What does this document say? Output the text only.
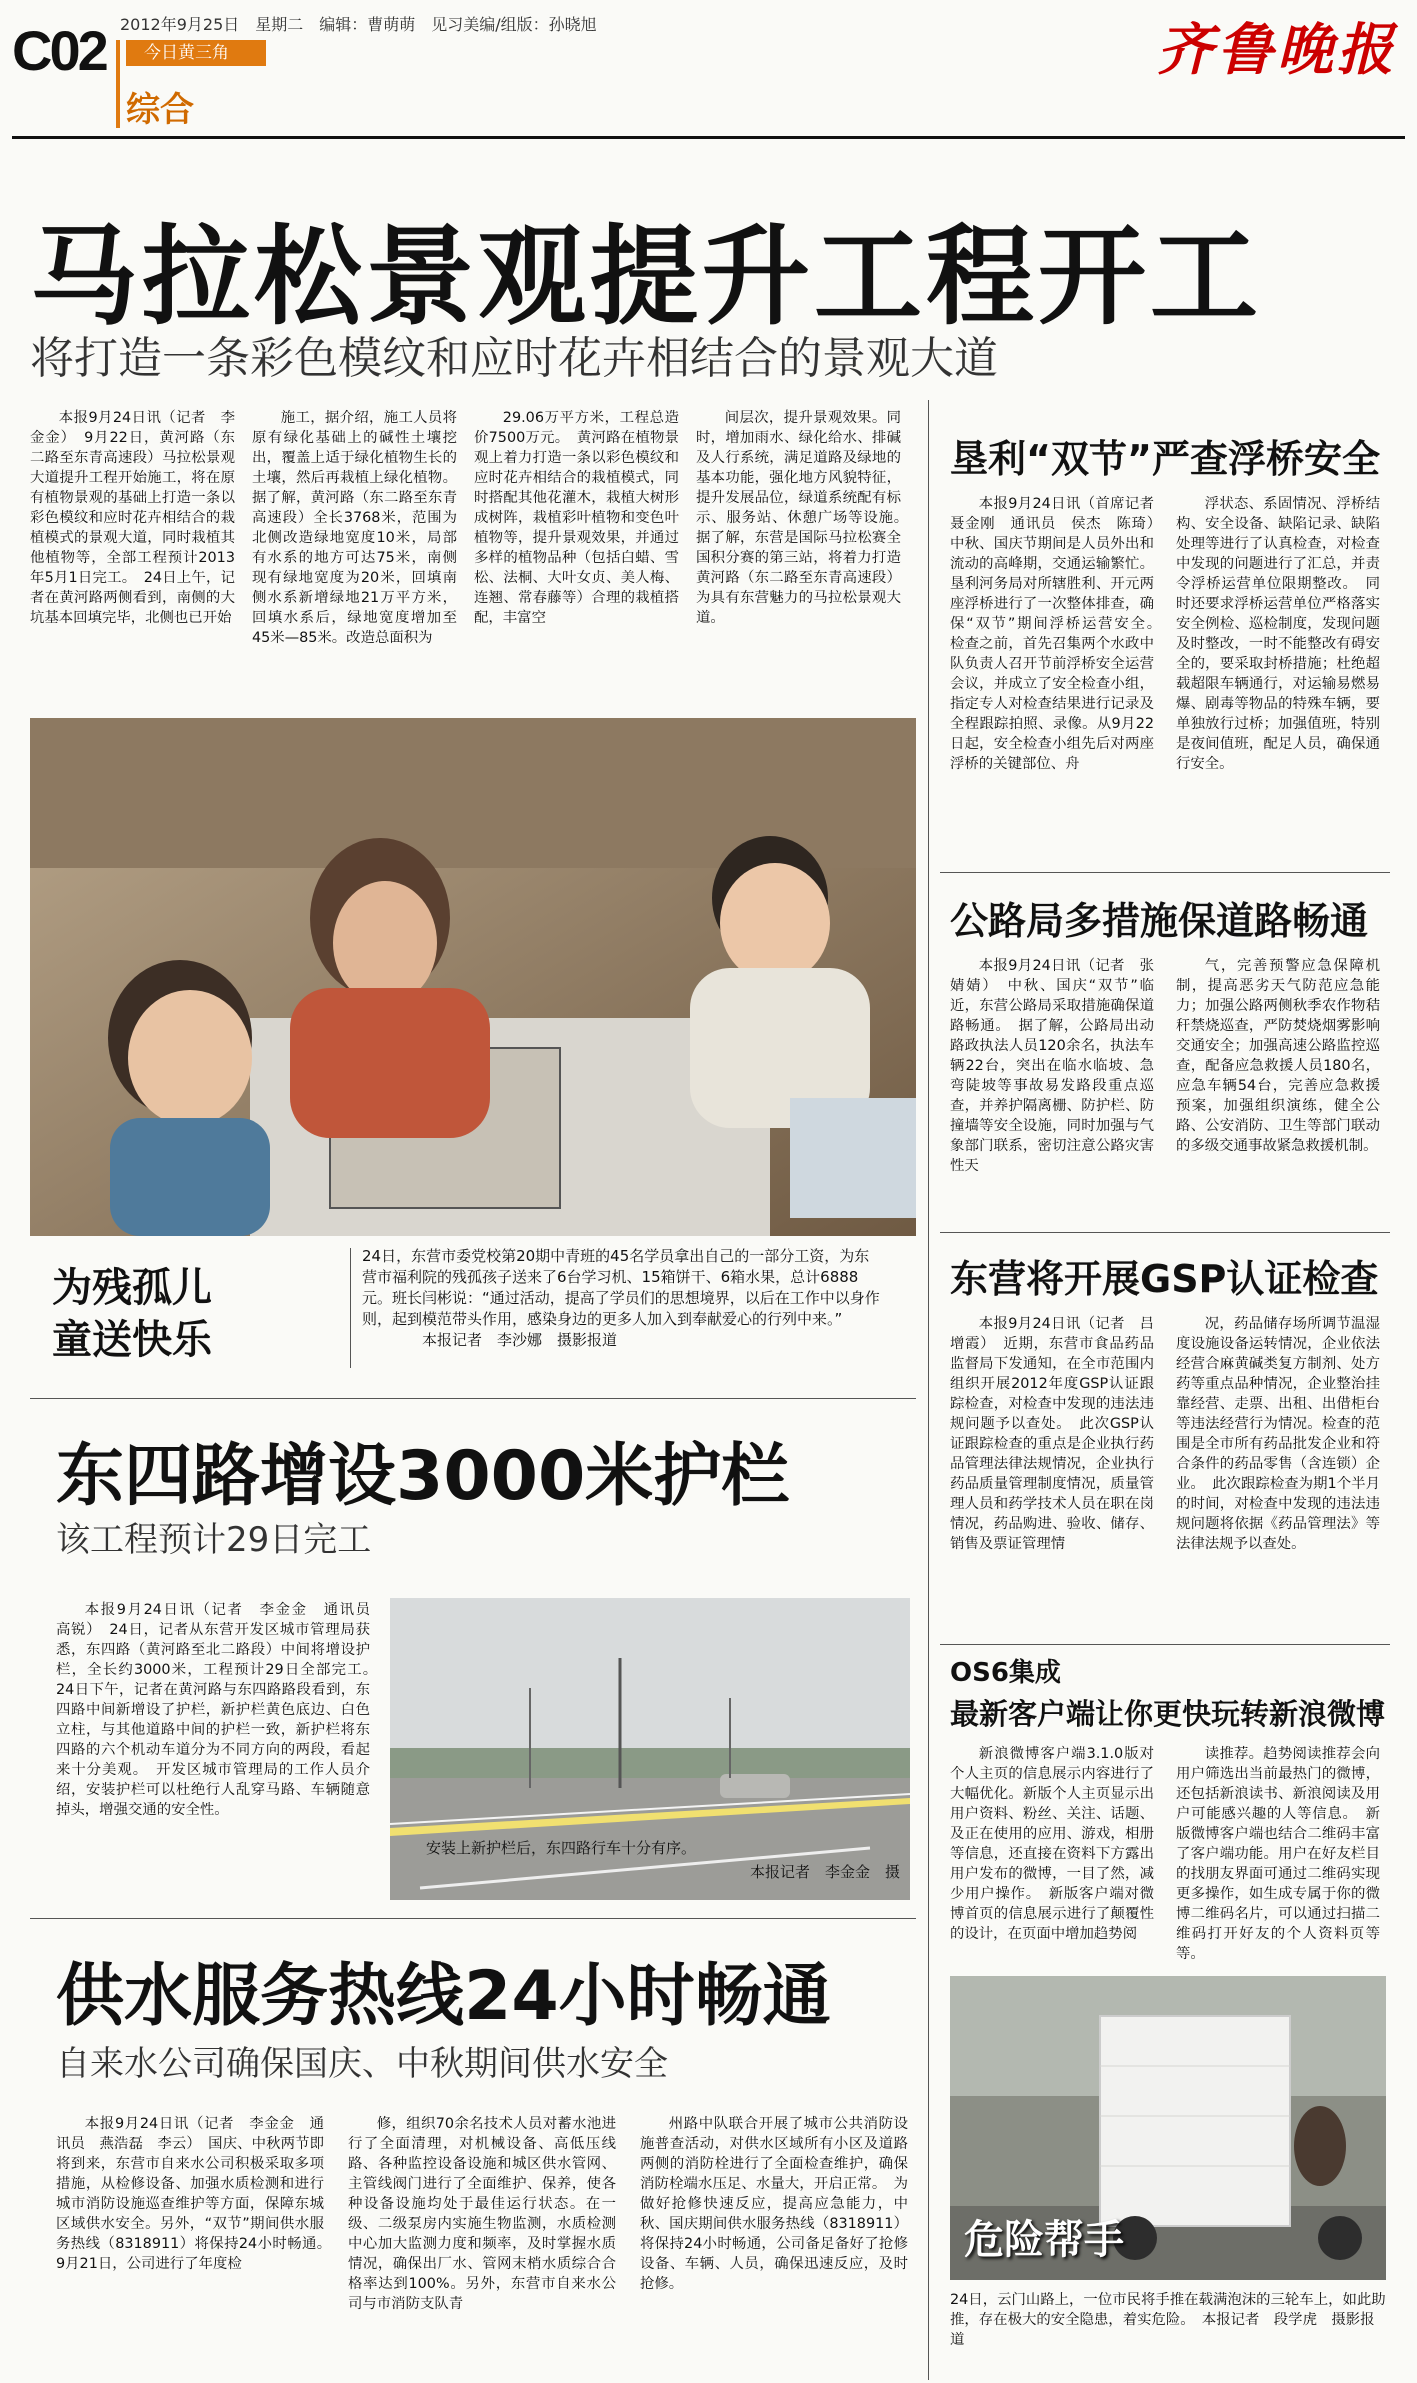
C02 2012年9月25日　星期二　编辑：曹萌萌　见习美编/组版：孙晓旭
今日黄三角
综合
齐鲁晚报
马拉松景观提升工程开工
将打造一条彩色模纹和应时花卉相结合的景观大道

本报9月24日讯（记者　李金金）　9月22日，黄河路（东二路至东青高速段）马拉松景观大道提升工程开始施工，将在原有植物景观的基础上打造一条以彩色模纹和应时花卉相结合的栽植模式的景观大道，同时栽植其他植物等，全部工程预计2013年5月1日完工。　24日上午，记者在黄河路两侧看到，南侧的大坑基本回填完毕，北侧也已开始

施工，据介绍，施工人员将原有绿化基础上的碱性土壤挖出，覆盖上适于绿化植物生长的土壤，然后再栽植上绿化植物。据了解，黄河路（东二路至东青高速段）全长3768米，范围为北侧改造绿地宽度10米，局部有水系的地方可达75米，南侧现有绿地宽度为20米，回填南侧水系新增绿地21万平方米，回填水系后，绿地宽度增加至45米—85米。改造总面积为

29.06万平方米，工程总造价7500万元。　黄河路在植物景观上着力打造一条以彩色模纹和应时花卉相结合的栽植模式，同时搭配其他花灌木，栽植大树形成树阵，栽植彩叶植物和变色叶植物等，提升景观效果，并通过多样的植物品种（包括白蜡、雪松、法桐、大叶女贞、美人梅、连翘、常春藤等）合理的栽植搭配，丰富空

间层次，提升景观效果。同时，增加雨水、绿化给水、排碱及人行系统，满足道路及绿地的基本功能，强化地方风貌特征，提升发展品位，绿道系统配有标示、服务站、休憩广场等设施。　据了解，东营是国际马拉松赛全国积分赛的第三站，将着力打造黄河路（东二路至东青高速段）为具有东营魅力的马拉松景观大道。

为残孤儿童送快乐
24日，东营市委党校第20期中青班的45名学员拿出自己的一部分工资，为东营市福利院的残孤孩子送来了6台学习机、15箱饼干、6箱水果，总计6888元。班长闫彬说：“通过活动，提高了学员们的思想境界，以后在工作中以身作则，起到模范带头作用，感染身边的更多人加入到奉献爱心的行列中来。”
本报记者　李沙娜　摄影报道
东四路增设3000米护栏
该工程预计29日完工

本报9月24日讯（记者　李金金　通讯员　高锐）　24日，记者从东营开发区城市管理局获悉，东四路（黄河路至北二路段）中间将增设护栏，全长约3000米，工程预计29日全部完工。　24日下午，记者在黄河路与东四路路段看到，东四路中间新增设了护栏，新护栏黄色底边、白色立柱，与其他道路中间的护栏一致，新护栏将东四路的六个机动车道分为不同方向的两段，看起来十分美观。　开发区城市管理局的工作人员介绍，安装护栏可以杜绝行人乱穿马路、车辆随意掉头，增强交通的安全性。

安装上新护栏后，东四路行车十分有序。
本报记者　李金金　摄
供水服务热线24小时畅通
自来水公司确保国庆、中秋期间供水安全

本报9月24日讯（记者　李金金　通讯员　燕浩磊　李云）　国庆、中秋两节即将到来，东营市自来水公司积极采取多项措施，从检修设备、加强水质检测和进行城市消防设施巡查维护等方面，保障东城区域供水安全。另外，“双节”期间供水服务热线（8318911）将保持24小时畅通。　9月21日，公司进行了年度检

修，组织70余名技术人员对蓄水池进行了全面清理，对机械设备、高低压线路、各种监控设备设施和城区供水管网、主管线阀门进行了全面维护、保养，使各种设备设施均处于最佳运行状态。在一级、二级泵房内实施生物监测，水质检测中心加大监测力度和频率，及时掌握水质情况，确保出厂水、管网末梢水质综合合格率达到100%。另外，东营市自来水公司与市消防支队青

州路中队联合开展了城市公共消防设施普查活动，对供水区域所有小区及道路两侧的消防栓进行了全面检查维护，确保消防栓端水压足、水量大，开启正常。　为做好抢修快速反应，提高应急能力，中秋、国庆期间供水服务热线（8318911）将保持24小时畅通，公司备足备好了抢修设备、车辆、人员，确保迅速反应，及时抢修。

垦利“双节”严查浮桥安全

本报9月24日讯（首席记者　聂金刚　通讯员　侯杰　陈琦）　中秋、国庆节期间是人员外出和流动的高峰期，交通运输繁忙。垦利河务局对所辖胜利、开元两座浮桥进行了一次整体排查，确保“双节”期间浮桥运营安全。　检查之前，首先召集两个水政中队负责人召开节前浮桥安全运营会议，并成立了安全检查小组，指定专人对检查结果进行记录及全程跟踪拍照、录像。从9月22日起，安全检查小组先后对两座浮桥的关键部位、舟

浮状态、系固情况、浮桥结构、安全设备、缺陷记录、缺陷处理等进行了认真检查，对检查中发现的问题进行了汇总，并责令浮桥运营单位限期整改。　同时还要求浮桥运营单位严格落实安全例检、巡检制度，发现问题及时整改，一时不能整改有碍安全的，要采取封桥措施；杜绝超载超限车辆通行，对运输易燃易爆、剧毒等物品的特殊车辆，要单独放行过桥；加强值班，特别是夜间值班，配足人员，确保通行安全。

公路局多措施保道路畅通

本报9月24日讯（记者　张婧婧）　中秋、国庆“双节”临近，东营公路局采取措施确保道路畅通。　据了解，公路局出动路政执法人员120余名，执法车辆22台，突出在临水临坡、急弯陡坡等事故易发路段重点巡查，并养护隔离栅、防护栏、防撞墙等安全设施，同时加强与气象部门联系，密切注意公路灾害性天

气，完善预警应急保障机制，提高恶劣天气防范应急能力；加强公路两侧秋季农作物秸秆禁烧巡查，严防焚烧烟雾影响交通安全；加强高速公路监控巡查，配备应急救援人员180名，应急车辆54台，完善应急救援预案，加强组织演练，健全公路、公安消防、卫生等部门联动的多级交通事故紧急救援机制。

东营将开展GSP认证检查

本报9月24日讯（记者　吕增霞）　近期，东营市食品药品监督局下发通知，在全市范围内组织开展2012年度GSP认证跟踪检查，对检查中发现的违法违规问题予以查处。　此次GSP认证跟踪检查的重点是企业执行药品管理法律法规情况，企业执行药品质量管理制度情况，质量管理人员和药学技术人员在职在岗情况，药品购进、验收、储存、销售及票证管理情

况，药品储存场所调节温湿度设施设备运转情况，企业依法经营合麻黄碱类复方制剂、处方药等重点品种情况，企业整治挂靠经营、走票、出租、出借柜台等违法经营行为情况。检查的范围是全市所有药品批发企业和符合条件的药品零售（含连锁）企业。　此次跟踪检查为期1个半月的时间，对检查中发现的违法违规问题将依据《药品管理法》等法律法规予以查处。

OS6集成
最新客户端让你更快玩转新浪微博

新浪微博客户端3.1.0版对个人主页的信息展示内容进行了大幅优化。新版个人主页显示出用户资料、粉丝、关注、话题、及正在使用的应用、游戏，相册等信息，还直接在资料下方露出用户发布的微博，一目了然，减少用户操作。　新版客户端对微博首页的信息展示进行了颠覆性的设计，在页面中增加趋势阅

读推荐。趋势阅读推荐会向用户筛选出当前最热门的微博，还包括新浪读书、新浪阅读及用户可能感兴趣的人等信息。　新版微博客户端也结合二维码丰富了客户端功能。用户在好友栏目的找朋友界面可通过二维码实现更多操作，如生成专属于你的微博二维码名片，可以通过扫描二维码打开好友的个人资料页等等。

危险帮手
24日，云门山路上，一位市民将手推在载满泡沫的三轮车上，如此助推，存在极大的安全隐患，着实危险。　本报记者　段学虎　摄影报道
